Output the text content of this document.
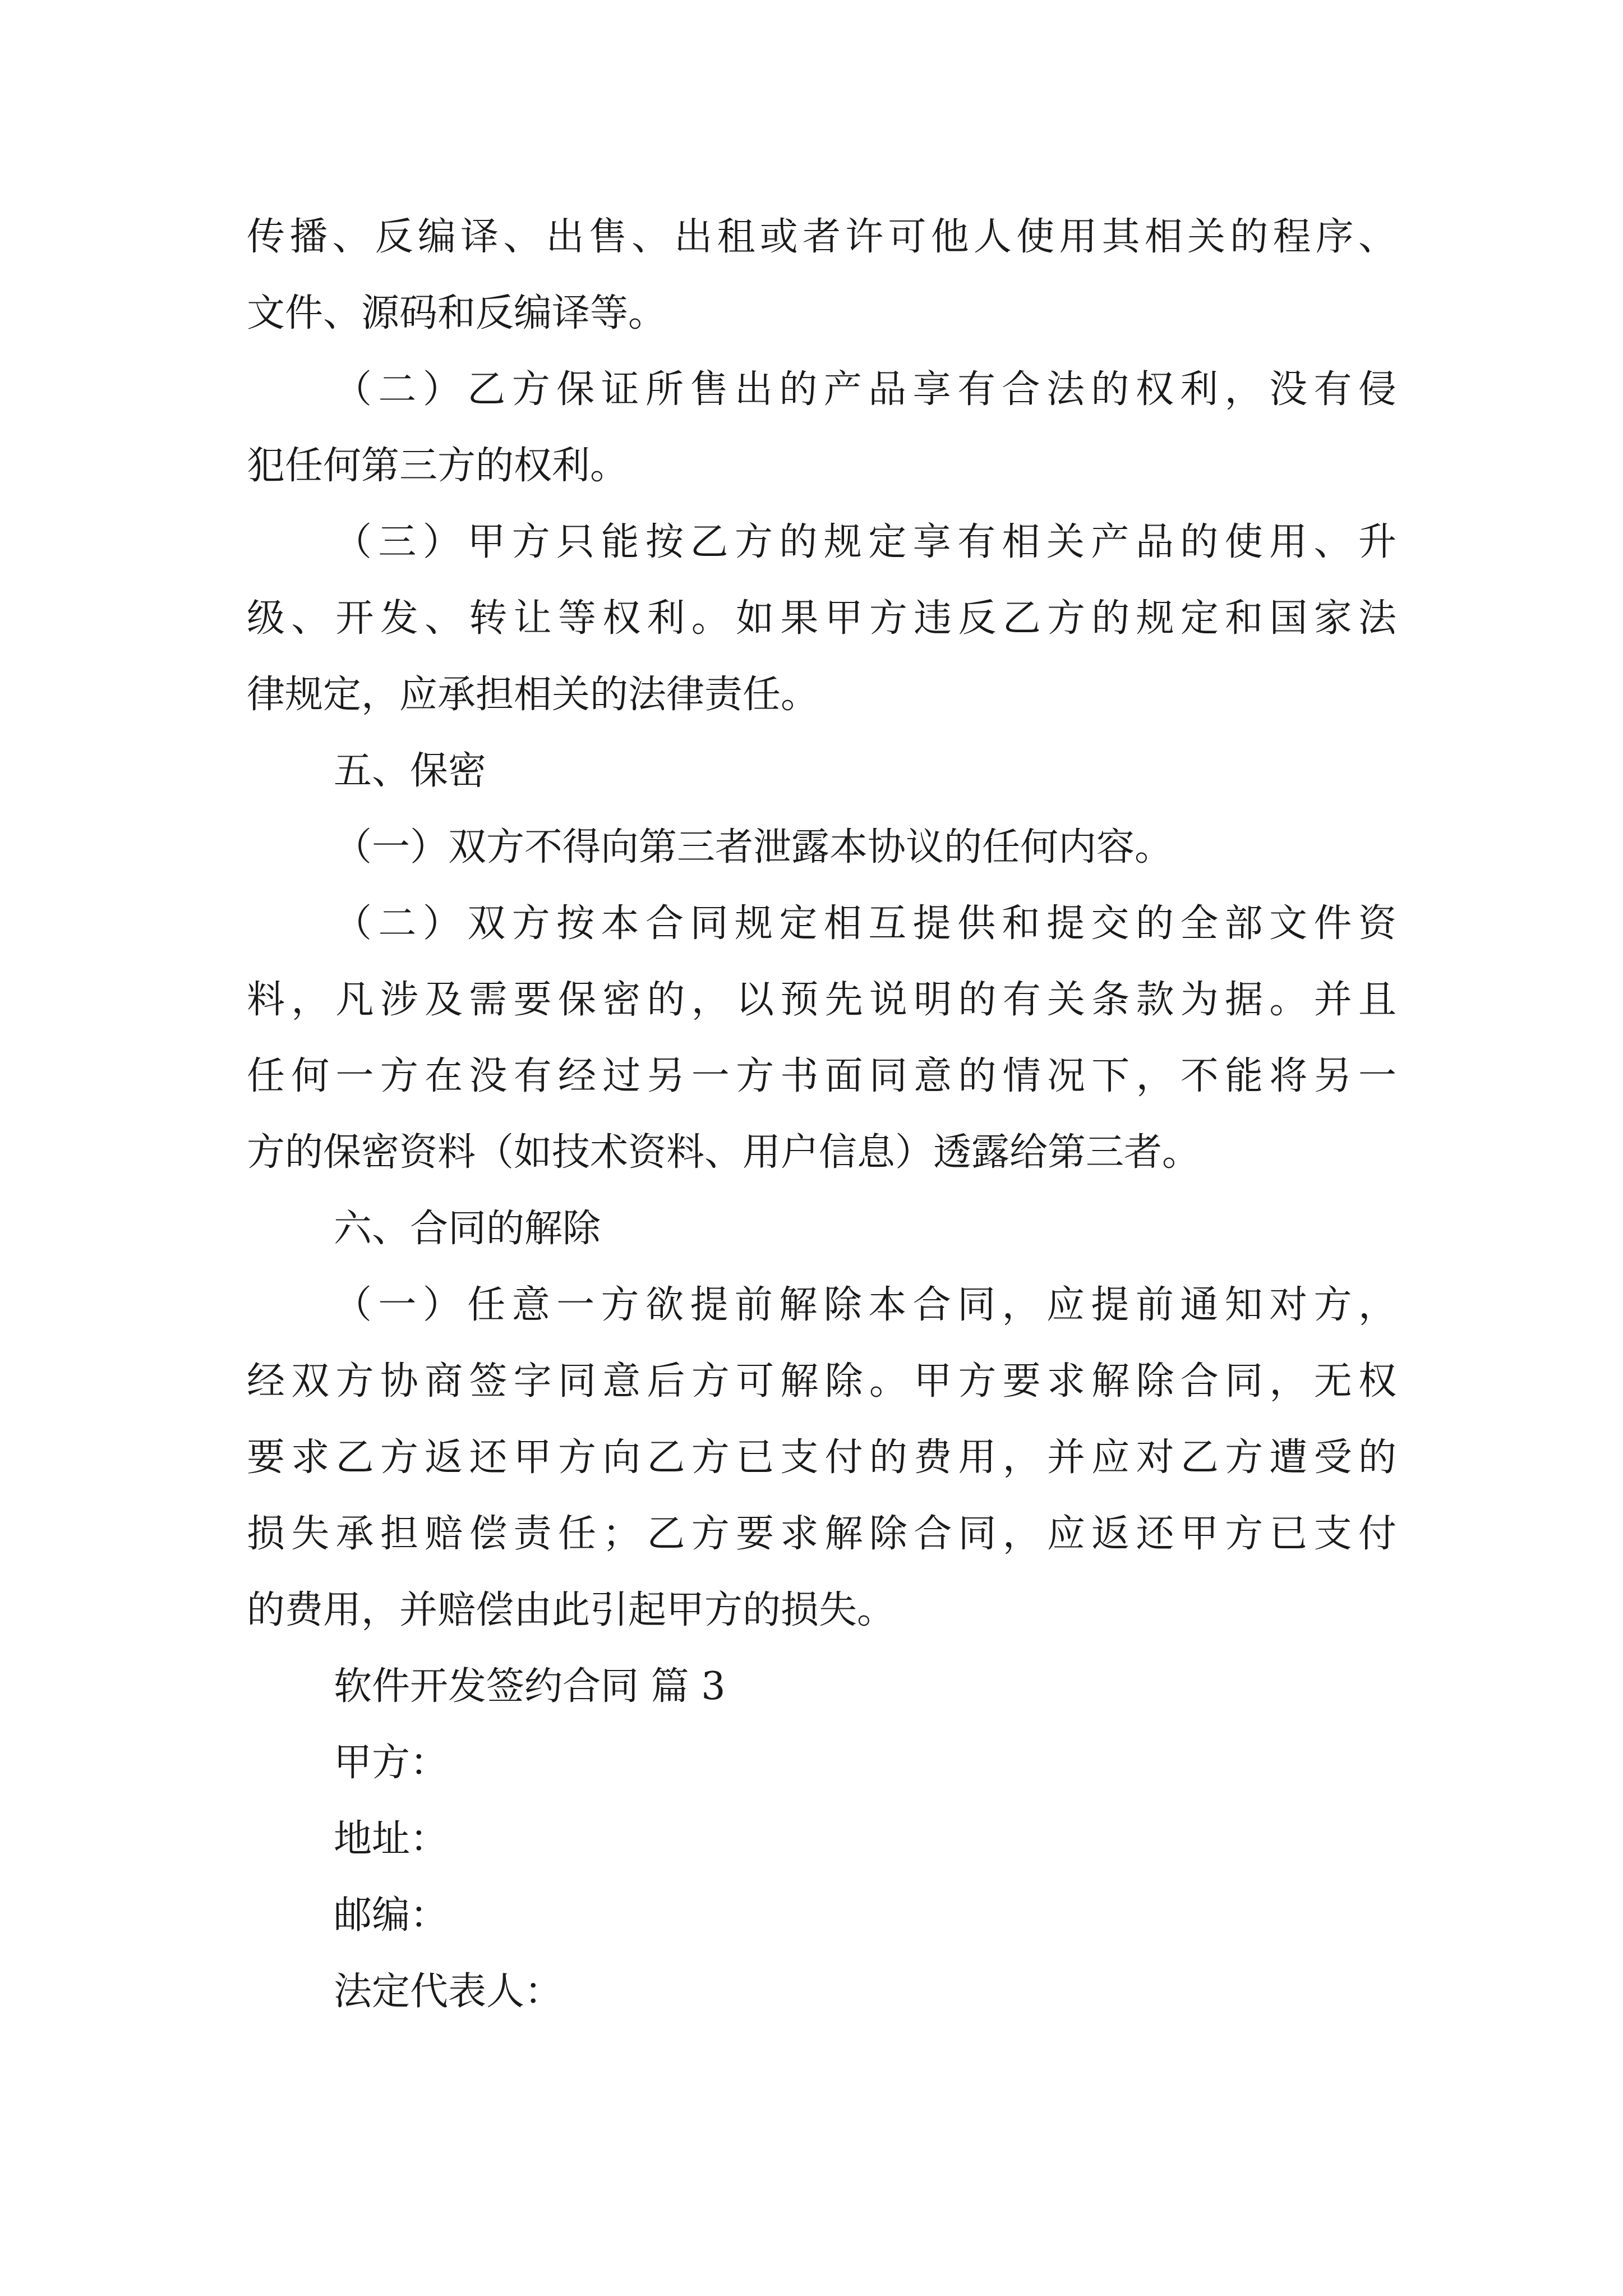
传播、反编译、出售、出租或者许可他人使用其相关的程序、
文件、源码和反编译等。
（二）乙方保证所售出的产品享有合法的权利，没有侵
犯任何第三方的权利。
（三）甲方只能按乙方的规定享有相关产品的使用、升
级、开发、转让等权利。如果甲方违反乙方的规定和国家法
律规定，应承担相关的法律责任。
五、保密
（一）双方不得向第三者泄露本协议的任何内容。
（二）双方按本合同规定相互提供和提交的全部文件资
料，凡涉及需要保密的，以预先说明的有关条款为据。并且
任何一方在没有经过另一方书面同意的情况下，不能将另一
方的保密资料（如技术资料、用户信息）透露给第三者。
六、合同的解除
（一）任意一方欲提前解除本合同，应提前通知对方，
经双方协商签字同意后方可解除。甲方要求解除合同，无权
要求乙方返还甲方向乙方已支付的费用，并应对乙方遭受的
损失承担赔偿责任；乙方要求解除合同，应返还甲方已支付
的费用，并赔偿由此引起甲方的损失。
软件开发签约合同 篇 3
甲方：
地址：
邮编：
法定代表人：
